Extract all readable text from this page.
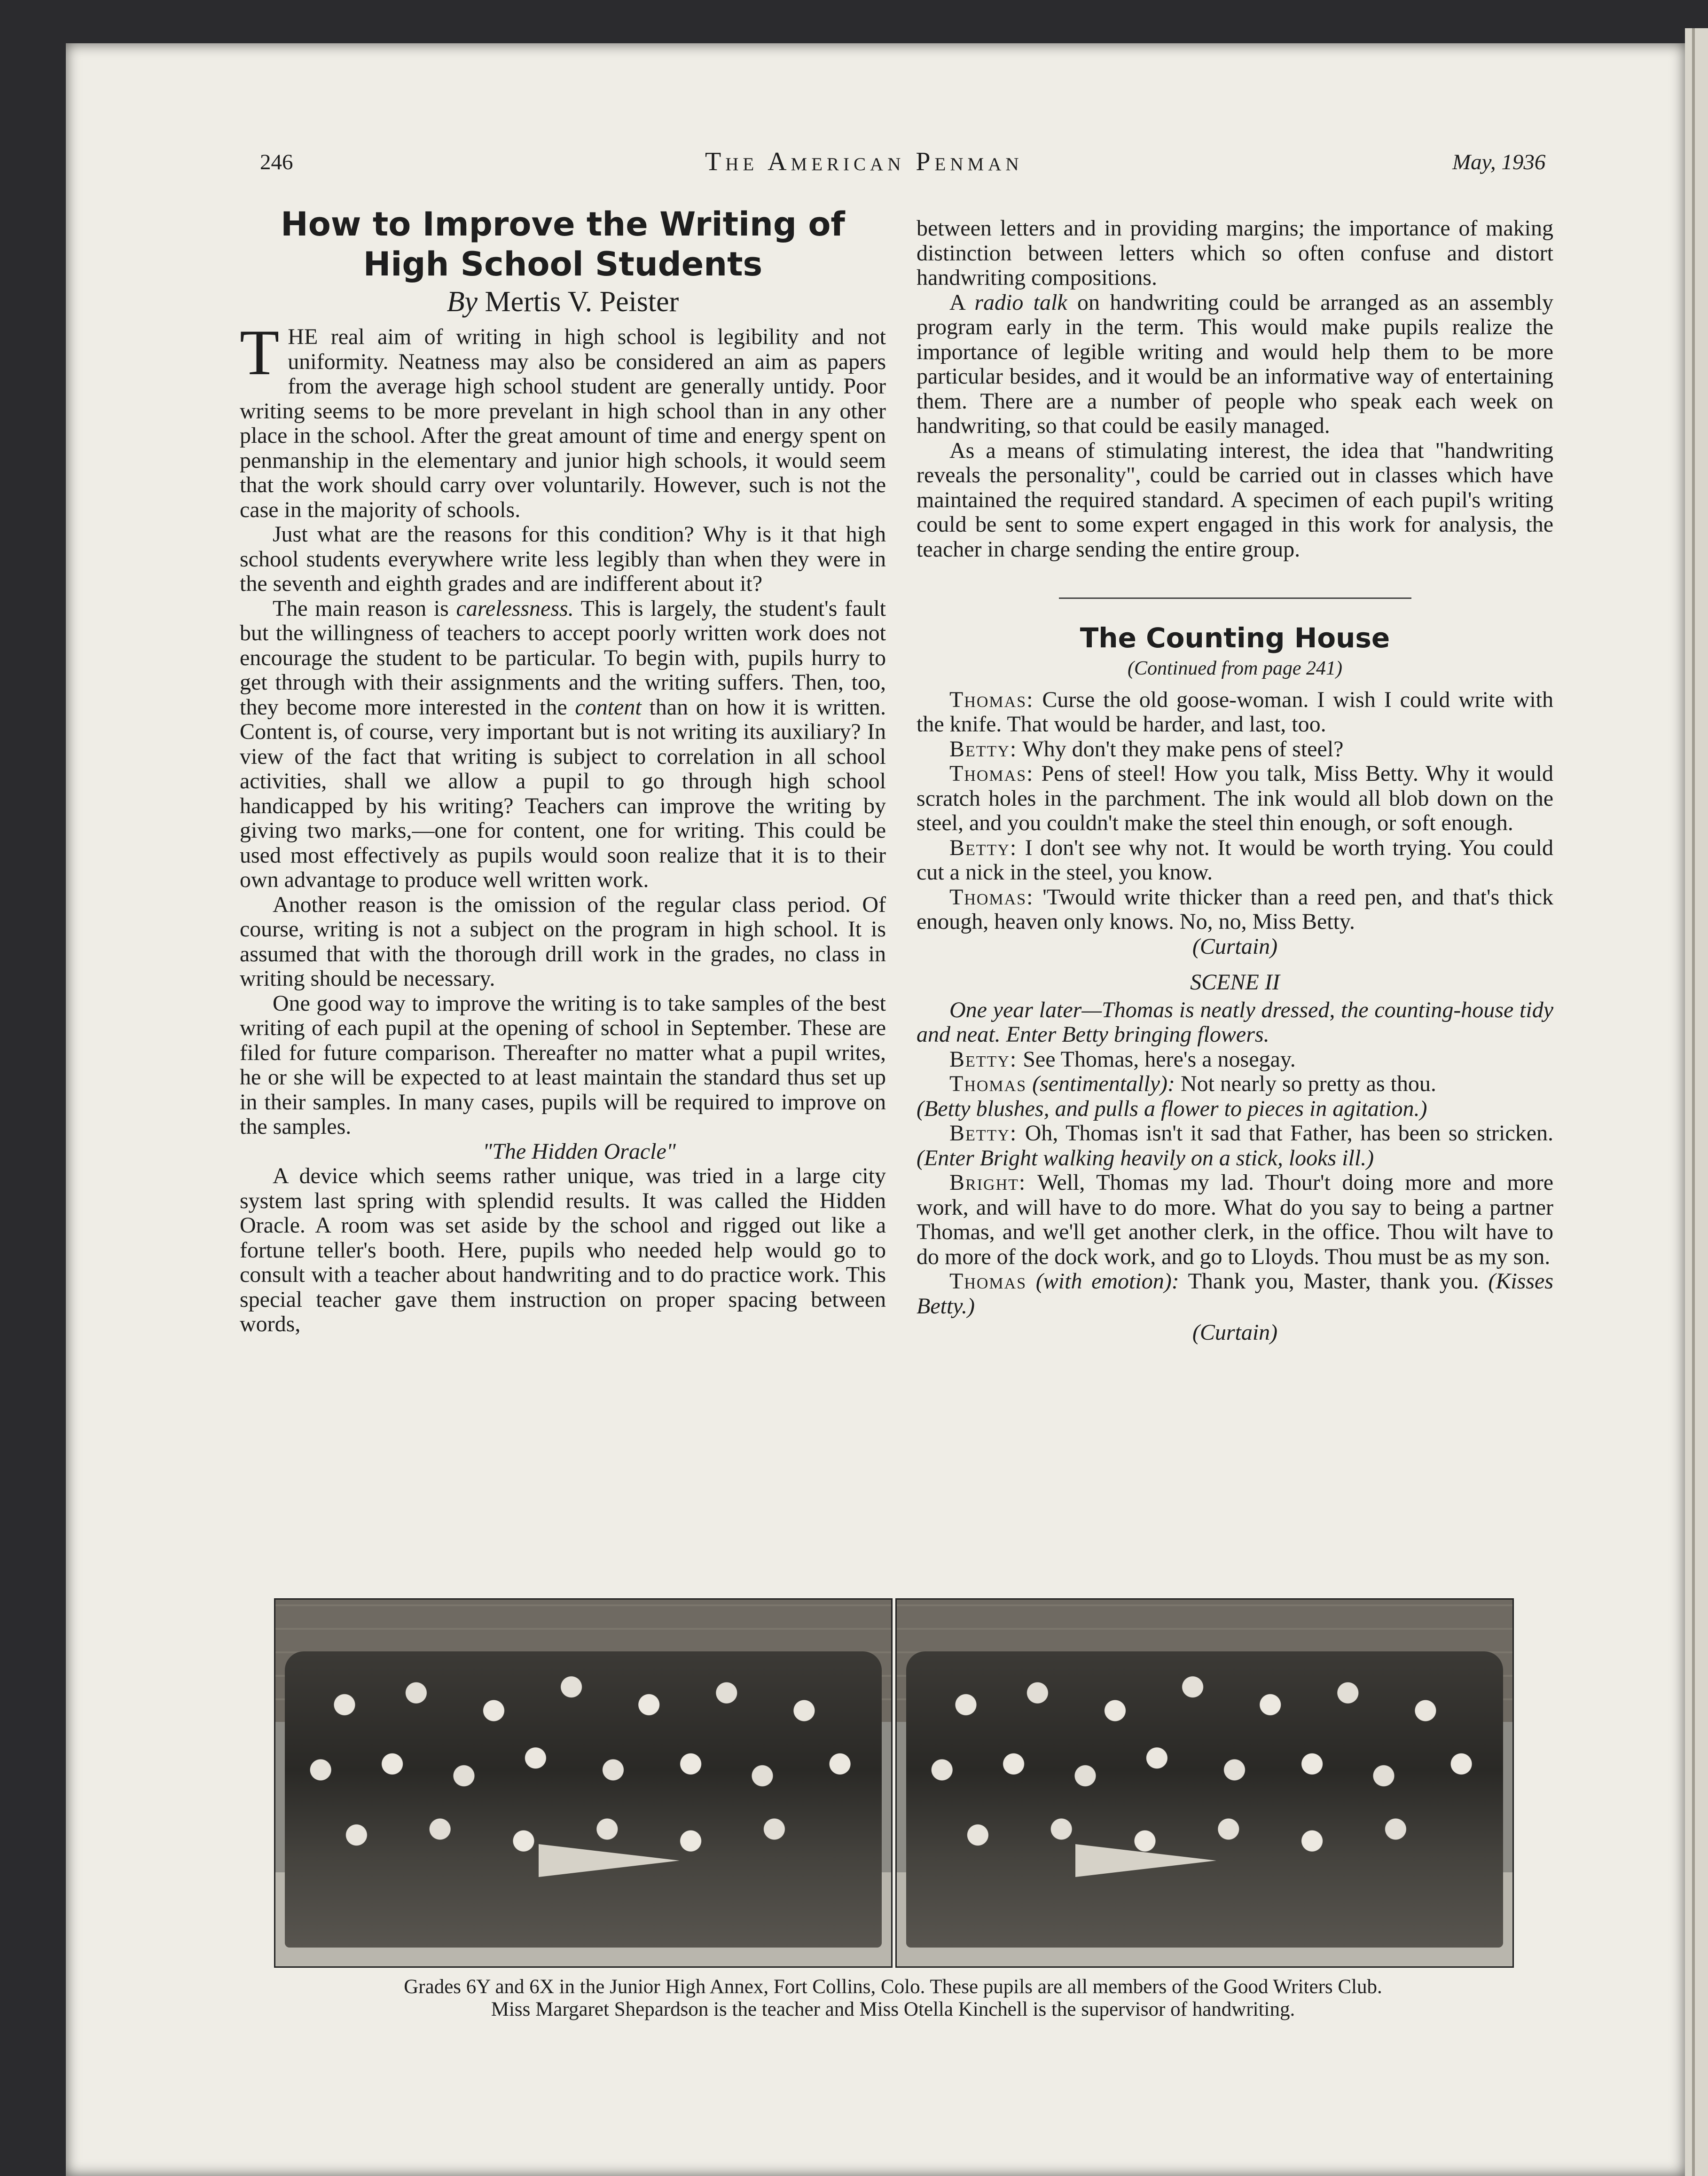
246	The American Penman	May, 1936
How to Improve the Writing of
High School Students
By Mertis V. Peister

THE real aim of writing in high school is legibility and not uniformity. Neatness may also be considered an aim as papers from the average high school student are generally untidy. Poor writing seems to be more prevelant in high school than in any other place in the school. After the great amount of time and energy spent on penmanship in the elementary and junior high schools, it would seem that the work should carry over voluntarily. However, such is not the case in the majority of schools.

Just what are the reasons for this condition? Why is it that high school students everywhere write less legibly than when they were in the seventh and eighth grades and are indifferent about it?

The main reason is carelessness. This is largely, the student's fault but the willingness of teachers to accept poorly written work does not encourage the student to be particular. To begin with, pupils hurry to get through with their assignments and the writing suffers. Then, too, they become more interested in the content than on how it is written. Content is, of course, very important but is not writing its auxiliary? In view of the fact that writing is subject to correlation in all school activities, shall we allow a pupil to go through high school handicapped by his writing? Teachers can improve the writing by giving two marks,—one for content, one for writing. This could be used most effectively as pupils would soon realize that it is to their own advantage to produce well written work.

Another reason is the omission of the regular class period. Of course, writing is not a subject on the program in high school. It is assumed that with the thorough drill work in the grades, no class in writing should be necessary.

One good way to improve the writing is to take samples of the best writing of each pupil at the opening of school in September. These are filed for future comparison. Thereafter no matter what a pupil writes, he or she will be expected to at least maintain the standard thus set up in their samples. In many cases, pupils will be required to improve on the samples.

"The Hidden Oracle"

A device which seems rather unique, was tried in a large city system last spring with splendid results. It was called the Hidden Oracle. A room was set aside by the school and rigged out like a fortune teller's booth. Here, pupils who needed help would go to consult with a teacher about handwriting and to do practice work. This special teacher gave them instruction on proper spacing between words,

between letters and in providing margins; the importance of making distinction between letters which so often confuse and distort handwriting compositions.

A radio talk on handwriting could be arranged as an assembly program early in the term. This would make pupils realize the importance of legible writing and would help them to be more particular besides, and it would be an informative way of entertaining them. There are a number of people who speak each week on handwriting, so that could be easily managed.

As a means of stimulating interest, the idea that "handwriting reveals the personality", could be carried out in classes which have maintained the required standard. A specimen of each pupil's writing could be sent to some expert engaged in this work for analysis, the teacher in charge sending the entire group.

The Counting House
(Continued from page 241)

Thomas: Curse the old goose-woman. I wish I could write with the knife. That would be harder, and last, too.

Betty: Why don't they make pens of steel?

Thomas: Pens of steel! How you talk, Miss Betty. Why it would scratch holes in the parchment. The ink would all blob down on the steel, and you couldn't make the steel thin enough, or soft enough.

Betty: I don't see why not. It would be worth trying. You could cut a nick in the steel, you know.

Thomas: 'Twould write thicker than a reed pen, and that's thick enough, heaven only knows. No, no, Miss Betty.

(Curtain)

SCENE II

One year later—Thomas is neatly dressed, the counting-house tidy and neat. Enter Betty bringing flowers.

Betty: See Thomas, here's a nosegay.

Thomas (sentimentally): Not nearly so pretty as thou.

(Betty blushes, and pulls a flower to pieces in agitation.)

Betty: Oh, Thomas isn't it sad that Father, has been so stricken. (Enter Bright walking heavily on a stick, looks ill.)

Bright: Well, Thomas my lad. Thour't doing more and more work, and will have to do more. What do you say to being a partner Thomas, and we'll get another clerk, in the office. Thou wilt have to do more of the dock work, and go to Lloyds. Thou must be as my son.

Thomas (with emotion): Thank you, Master, thank you. (Kisses Betty.)

(Curtain)

Grades 6Y and 6X in the Junior High Annex, Fort Collins, Colo. These pupils are all members of the Good Writers Club.
Miss Margaret Shepardson is the teacher and Miss Otella Kinchell is the supervisor of handwriting.
